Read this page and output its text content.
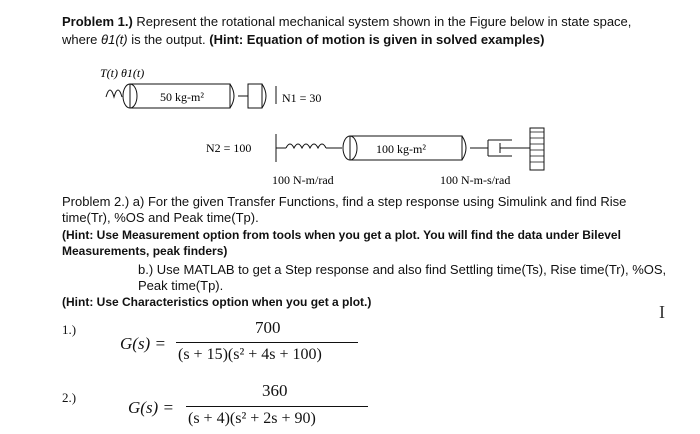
Problem 1.) Represent the rotational mechanical system shown in the Figure below in state space,
where θ1(t) is the output. (Hint: Equation of motion is given in solved examples)
T(t) θ1(t)
50 kg-m²	N1 = 30
N2 = 100	100 kg-m²
100 N-m/rad	100 N-m-s/rad
Problem 2.) a) For the given Transfer Functions, find a step response using Simulink and find Rise
time(Tr), %OS and Peak time(Tp).
(Hint: Use Measurement option from tools when you get a plot. You will find the data under Bilevel
Measurements, peak finders)
b.) Use MATLAB to get a Step response and also find Settling time(Ts), Rise time(Tr), %OS,
Peak time(Tp).
(Hint: Use Characteristics option when you get a plot.)	I
1.)
G(s) =
700
(s + 15)(s² + 4s + 100)
2.)
G(s) =
360
(s + 4)(s² + 2s + 90)
